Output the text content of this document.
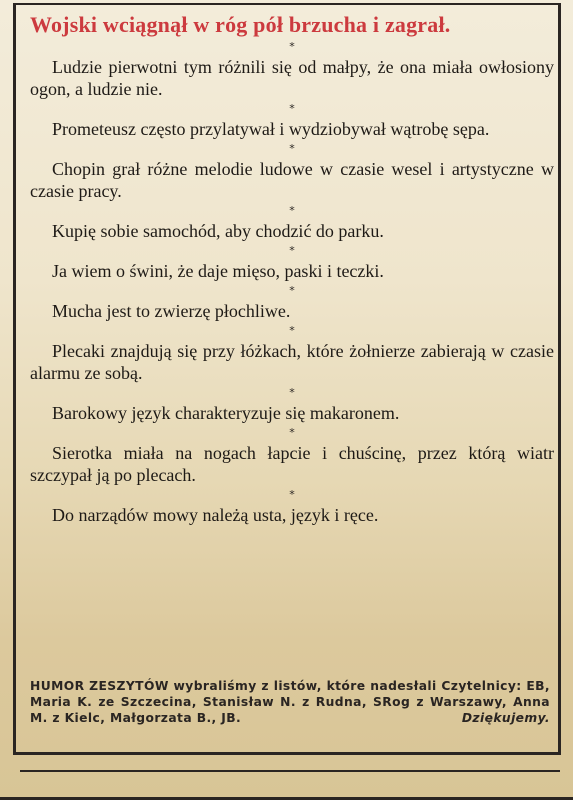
Wojski wciągnął w róg pół brzucha i zagrał.
*

Ludzie pierwotni tym różnili się od małpy, że ona miała owłosiony ogon, a ludzie nie.

*

Prometeusz często przylatywał i wydziobywał wątrobę sępa.

*

Chopin grał różne melodie ludowe w czasie wesel i artystyczne w czasie pracy.

*

Kupię sobie samochód, aby chodzić do parku.

*

Ja wiem o świni, że daje mięso, paski i teczki.

*

Mucha jest to zwierzę płochliwe.

*

Plecaki znajdują się przy łóżkach, które żołnierze zabierają w czasie alarmu ze sobą.

*

Barokowy język charakteryzuje się makaronem.

*

Sierotka miała na nogach łapcie i chuścinę, przez którą wiatr szczypał ją po plecach.

*

Do narządów mowy należą usta, język i ręce.

HUMOR ZESZYTÓW wybraliśmy z listów, które nadesłali Czytelnicy: EB, Maria K. ze Szczecina, Stanisław N. z Rudna, SRog z Warszawy, Anna M. z Kielc, Małgorzata B., JB.	Dziękujemy.
